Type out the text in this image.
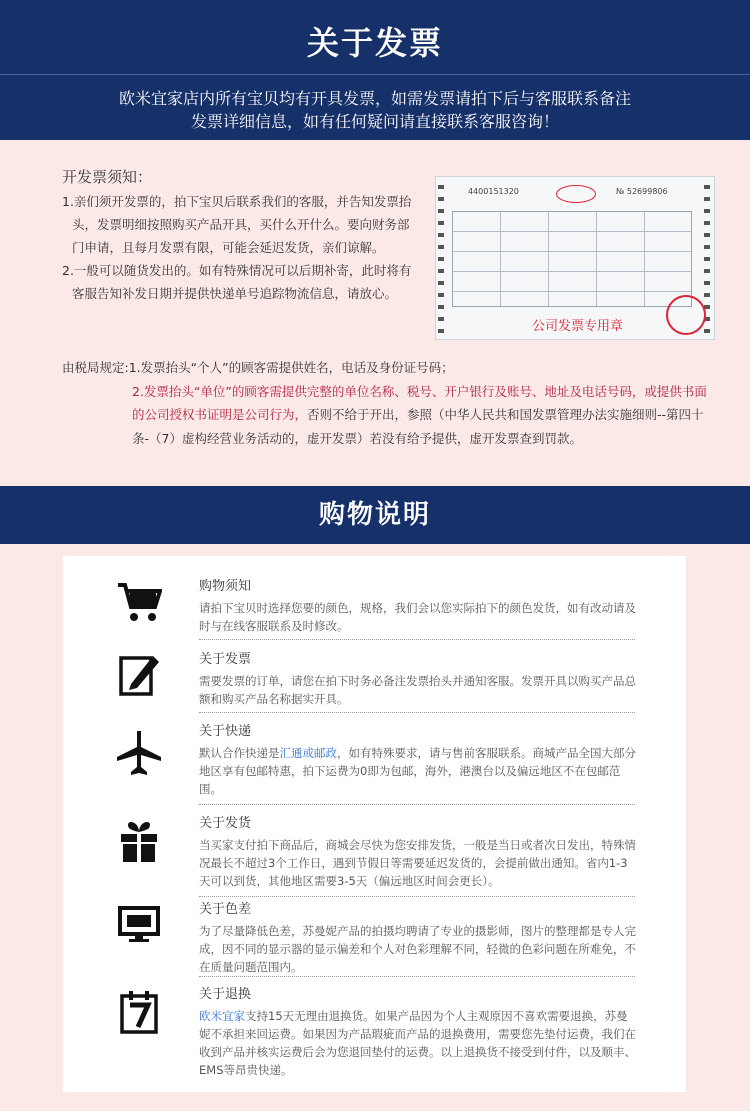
关于发票

欧米宜家店内所有宝贝均有开具发票，如需发票请拍下后与客服联系备注

发票详细信息，如有任何疑问请直接联系客服咨询！

开发票须知：
1.亲们须开发票的，拍下宝贝后联系我们的客服，并告知发票抬头，发票明细按照购买产品开具，买什么开什么。要向财务部门申请，且每月发票有限，可能会延迟发货，亲们谅解。
2.一般可以随货发出的。如有特殊情况可以后期补寄，此时将有客服告知补发日期并提供快递单号追踪物流信息，请放心。
4400151320	№ 52699806
公司发票专用章
由税局规定:1.发票抬头“个人”的顾客需提供姓名，电话及身份证号码；
2.发票抬头“单位”的顾客需提供完整的单位名称、税号、开户银行及账号、地址及电话号码，或提供书面的公司授权书证明是公司行为，否则不给于开出，参照（中华人民共和国发票管理办法实施细则--第四十条-（7）虚构经营业务活动的，虚开发票）若没有给予提供，虚开发票查到罚款。
购物说明
购物须知
请拍下宝贝时选择您要的颜色，规格，我们会以您实际拍下的颜色发货，如有改动请及时与在线客服联系及时修改。
关于发票
需要发票的订单，请您在拍下时务必备注发票抬头并通知客服。发票开具以购买产品总额和购买产品名称据实开具。
关于快递
默认合作快递是汇通或邮政，如有特殊要求，请与售前客服联系。商城产品全国大部分地区享有包邮特惠，拍下运费为0即为包邮，海外，港澳台以及偏远地区不在包邮范围。
关于发货
当买家支付拍下商品后，商城会尽快为您安排发货，一般是当日或者次日发出，特殊情况最长不超过3个工作日，遇到节假日等需要延迟发货的，会提前做出通知。省内1-3天可以到货，其他地区需要3-5天（偏远地区时间会更长）。
关于色差
为了尽量降低色差，苏曼妮产品的拍摄均聘请了专业的摄影师，图片的整理都是专人完成，因不同的显示器的显示偏差和个人对色彩理解不同，轻微的色彩问题在所难免，不在质量问题范围内。
关于退换
欧米宜家支持15天无理由退换货。如果产品因为个人主观原因不喜欢需要退换，苏曼妮不承担来回运费。如果因为产品瑕疵而产品的退换费用，需要您先垫付运费，我们在收到产品并核实运费后会为您退回垫付的运费。以上退换货不接受到付件，以及顺丰、EMS等昂贵快递。
